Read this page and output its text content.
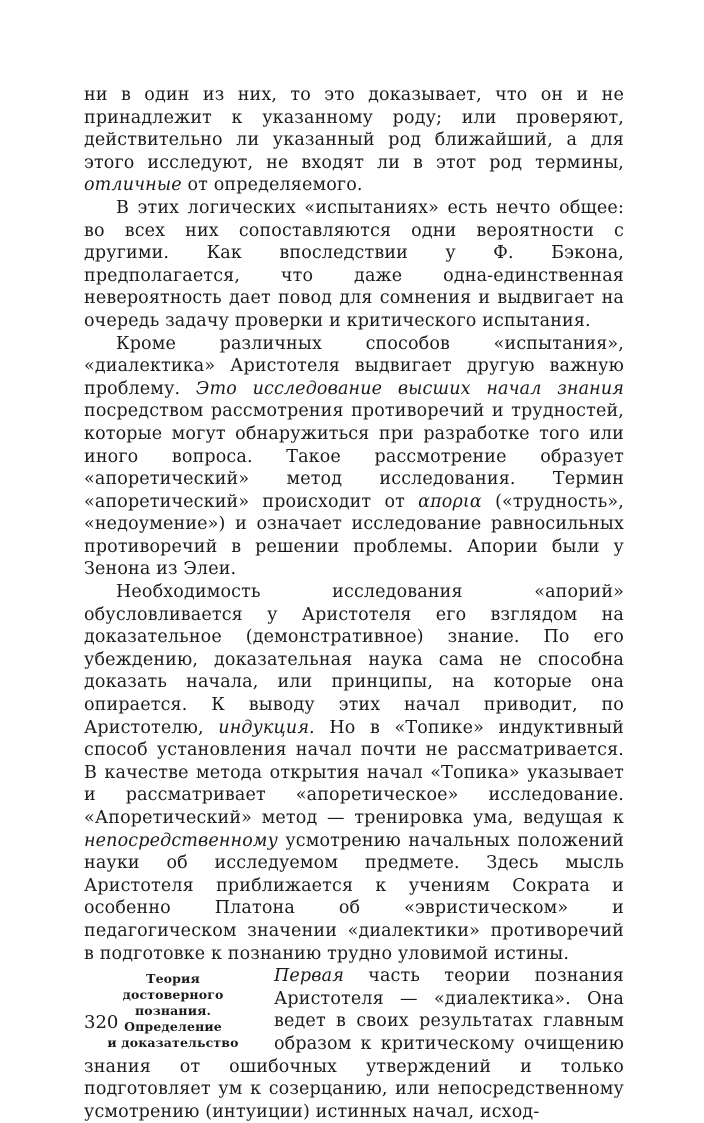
ни в один из них, то это доказывает, что он и не принадлежит к указанному роду; или проверяют, действительно ли указанный род ближайший, а для этого исследуют, не входят ли в этот род термины, отличные от определяемого.

В этих логических «испытаниях» есть нечто общее: во всех них сопоставляются одни вероятности с другими. Как впоследствии у Ф. Бэкона, предполагается, что даже одна-единственная невероятность дает повод для сомнения и выдвигает на очередь задачу проверки и критического испытания.

Кроме различных способов «испытания», «диалектика» Аристотеля выдвигает другую важную проблему. Это исследование высших начал знания посредством рассмотрения противоречий и трудностей, которые могут обнаружиться при разработке того или иного вопроса. Такое рассмотрение образует «апоретический» метод исследования. Термин «апоретический» происходит от απορια («трудность», «недоумение») и означает исследование равносильных противоречий в решении проблемы. Апории были у Зенона из Элеи.

Необходимость исследования «апорий» обусловливается у Аристотеля его взглядом на доказательное (демонстративное) знание. По его убеждению, доказательная наука сама не способна доказать начала, или принципы, на которые она опирается. К выводу этих начал приводит, по Аристотелю, индукция. Но в «Топике» индуктивный способ установления начал почти не рассматривается. В качестве метода открытия начал «Топика» указывает и рассматривает «апоретическое» исследование. «Апоретический» метод — тренировка ума, ведущая к непосредственному усмотрению начальных положений науки об исследуемом предмете. Здесь мысль Аристотеля приближается к учениям Сократа и особенно Платона об «эвристическом» и педагогическом значении «диалектики» противоречий в подготовке к познанию трудно уловимой истины.

Теория
достоверного
познания.
Определение
и доказательство

Первая часть теории познания Аристотеля — «диалектика». Она ведет в своих результатах главным образом к критическому очищению знания от ошибочных утверждений и только подготовляет ум к созерцанию, или непосредственному усмотрению (интуиции) истинных начал, исход-

320
